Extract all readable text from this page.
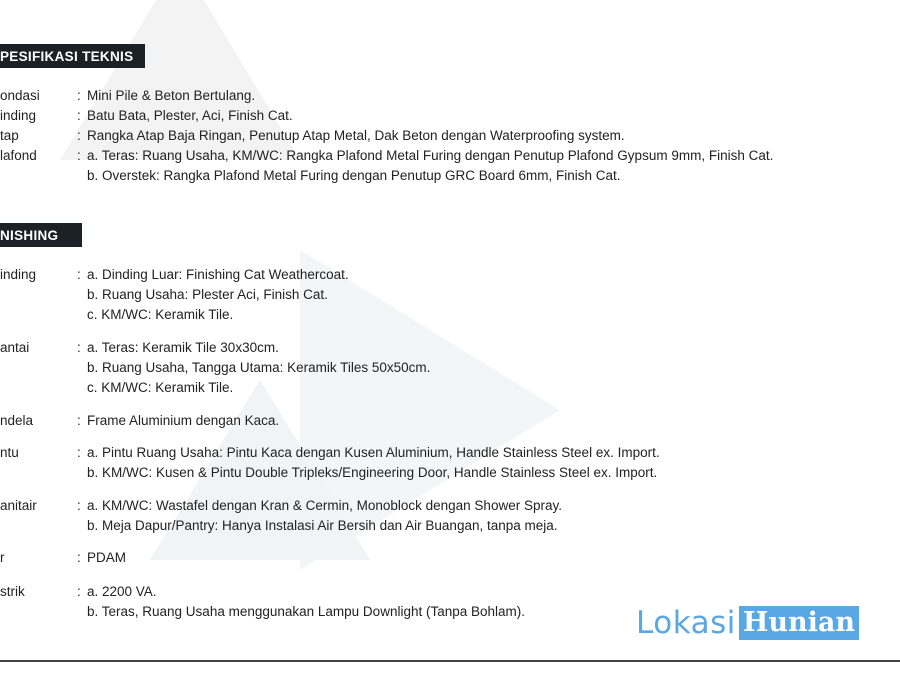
PESIFIKASI TEKNIS
ondasi	: Mini Pile & Beton Bertulang.
inding	: Batu Bata, Plester, Aci, Finish Cat.
tap	: Rangka Atap Baja Ringan, Penutup Atap Metal, Dak Beton dengan Waterproofing system.
lafond	: a. Teras: Ruang Usaha, KM/WC: Rangka Plafond Metal Furing dengan Penutup Plafond Gypsum 9mm, Finish Cat.
b. Overstek: Rangka Plafond Metal Furing dengan Penutup GRC Board 6mm, Finish Cat.
NISHING
inding	: a. Dinding Luar: Finishing Cat Weathercoat.
b. Ruang Usaha: Plester Aci, Finish Cat.
c. KM/WC: Keramik Tile.
antai	: a. Teras: Keramik Tile 30x30cm.
b. Ruang Usaha, Tangga Utama: Keramik Tiles 50x50cm.
c. KM/WC: Keramik Tile.
ndela	: Frame Aluminium dengan Kaca.
ntu	: a. Pintu Ruang Usaha: Pintu Kaca dengan Kusen Aluminium, Handle Stainless Steel ex. Import.
b. KM/WC: Kusen & Pintu Double Tripleks/Engineering Door, Handle Stainless Steel ex. Import.
anitair	: a. KM/WC: Wastafel dengan Kran & Cermin, Monoblock dengan Shower Spray.
b. Meja Dapur/Pantry: Hanya Instalasi Air Bersih dan Air Buangan, tanpa meja.
r	: PDAM
strik	: a. 2200 VA.
b. Teras, Ruang Usaha menggunakan Lampu Downlight (Tanpa Bohlam).	Lokasi Hunian
